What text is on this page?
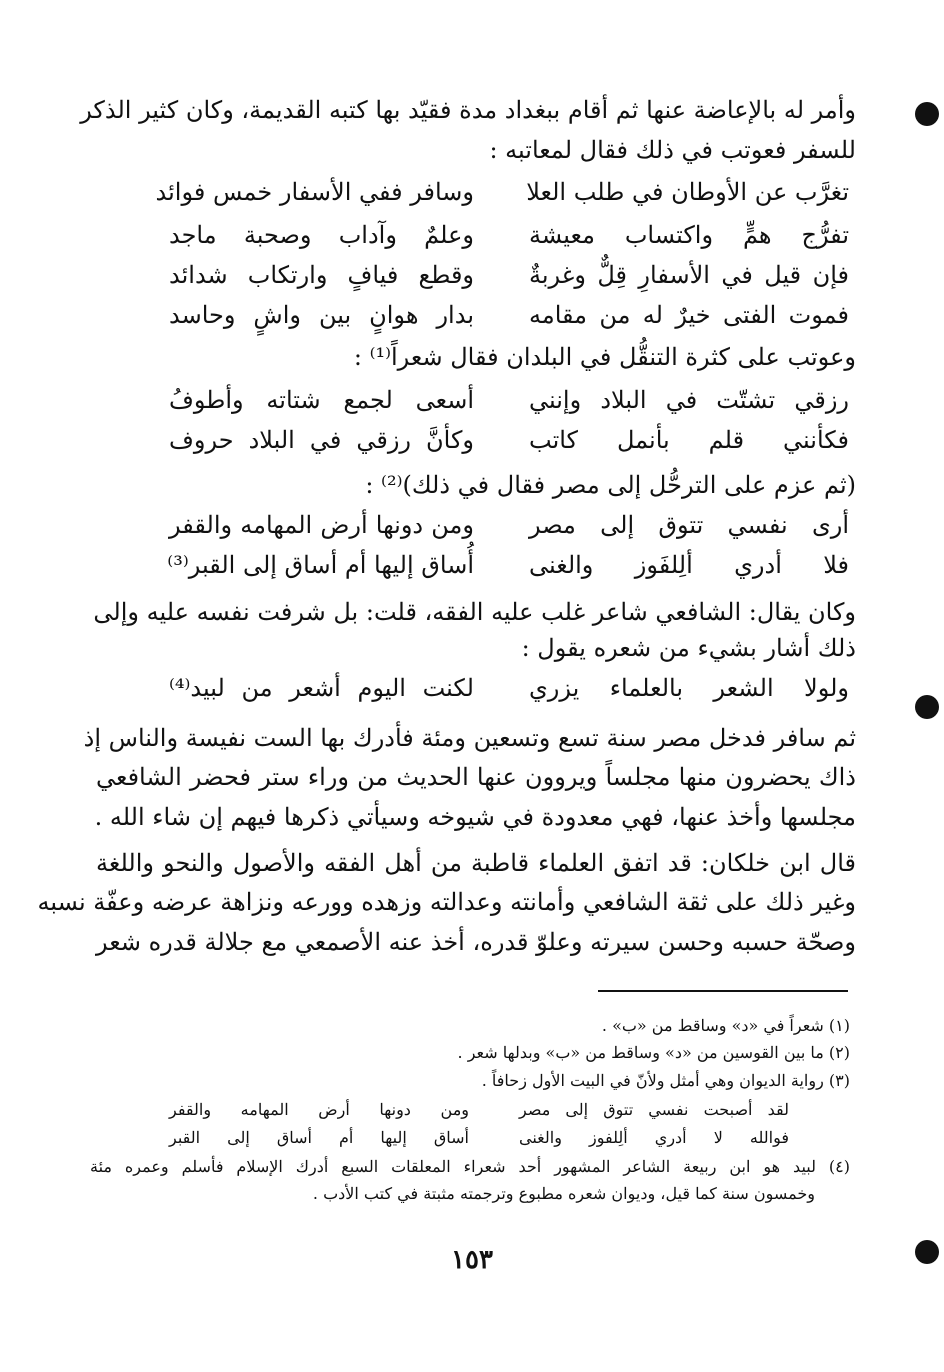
وأمر له بالإعاضة عنها ثم أقام ببغداد مدة فقيّد بها كتبه القديمة، وكان كثير الذكر
للسفر فعوتب في ذلك فقال لمعاتبه :
تغرَّب عن الأوطان في طلب العلا
وسافر ففي الأسفار خمس فوائد
تفرُّج همٍّ واكتساب معيشة
وعلمٌ وآداب وصحبة ماجد
فإن قيل في الأسفارِ قِلٌّ وغربةٌ
وقطع فيافٍ وارتكاب شدائد
فموت الفتى خيرٌ له من مقامه
بدار هوانٍ بين واشٍ وحاسد
وعوتب على كثرة التنقُّل في البلدان فقال شعراً⁽¹⁾ :
رزقي تشتّت في البلاد وإنني
أسعى لجمع شتاته وأطوفُ
فكأنني قلم بأنمل كاتب
وكأنَّ رزقي في البلاد حروف
(ثم عزم على الترحُّل إلى مصر فقال في ذلك)⁽²⁾ :
أرى نفسي تتوق إلى مصر
ومن دونها أرض المهامه والقفر
فلا أدري ألِلفَوز والغنى
أُساق إليها أم أساق إلى القبر⁽³⁾
وكان يقال: الشافعي شاعر غلب عليه الفقه، قلت: بل شرفت نفسه عليه وإلى
ذلك أشار بشيء من شعره يقول :
ولولا الشعر بالعلماء يزري
لكنت اليوم أشعر من لبيد⁽⁴⁾
ثم سافر فدخل مصر سنة تسع وتسعين ومئة فأدرك بها الست نفيسة والناس إذ
ذاك يحضرون منها مجلساً ويروون عنها الحديث من وراء ستر فحضر الشافعي
مجلسها وأخذ عنها، فهي معدودة في شيوخه وسيأتي ذكرها فيهم إن شاء الله .
قال ابن خلكان: قد اتفق العلماء قاطبة من أهل الفقه والأصول والنحو واللغة
وغير ذلك على ثقة الشافعي وأمانته وعدالته وزهده وورعه ونزاهة عرضه وعفّة نسبه
وصحّة حسبه وحسن سيرته وعلوّ قدره، أخذ عنه الأصمعي مع جلالة قدره شعر
(١) شعراً في «د» وساقط من «ب» .
(٢) ما بين القوسين من «د» وساقط من «ب» وبدلها شعر .
(٣) رواية الديوان وهي أمثل ولأنّ في البيت الأول زحافاً .
لقد أصبحت نفسي تتوق إلى مصر
ومن دونها أرض المهامه والقفر
فوالله لا أدري ألِلفوز والغنى
أساق إليها أم أساق إلى القبر
(٤) لبيد هو ابن ربيعة الشاعر المشهور أحد شعراء المعلقات السبع أدرك الإسلام فأسلم وعمره مئة
وخمسون سنة كما قيل، وديوان شعره مطبوع وترجمته مثبتة في كتب الأدب .
١٥٣
